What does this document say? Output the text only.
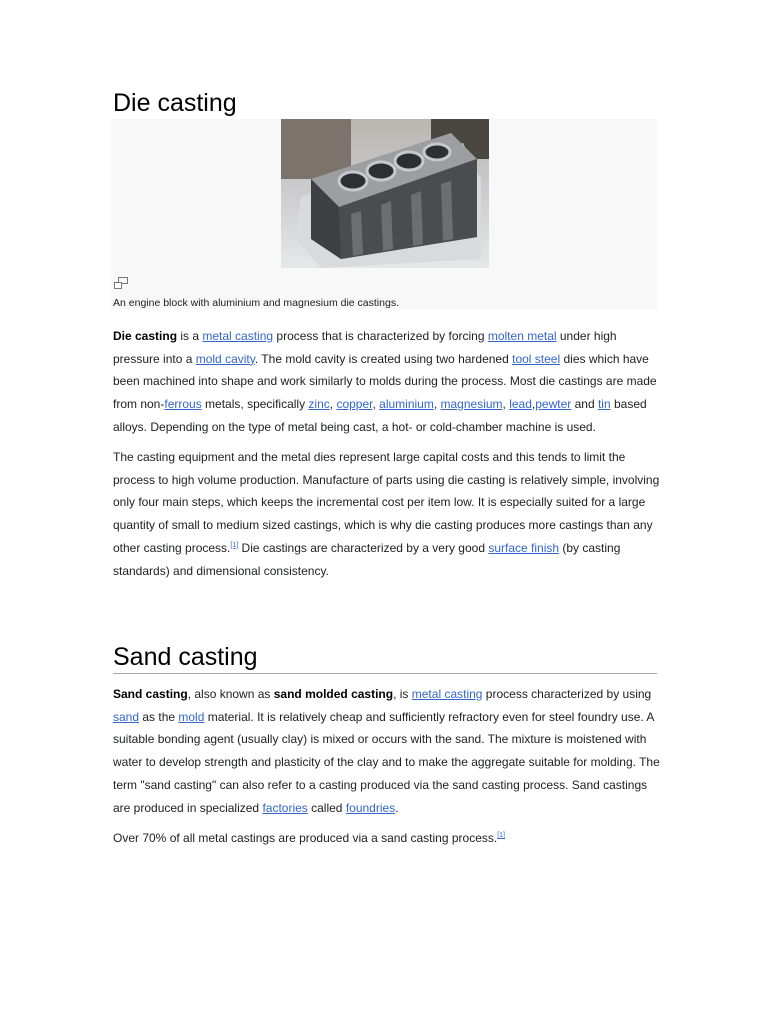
Die casting
An engine block with aluminium and magnesium die castings.

Die casting is a metal casting process that is characterized by forcing molten metal under high pressure into a mold cavity. The mold cavity is created using two hardened tool steel dies which have been machined into shape and work similarly to molds during the process. Most die castings are made from non-ferrous metals, specifically zinc, copper, aluminium, magnesium, lead,pewter and tin based alloys. Depending on the type of metal being cast, a hot- or cold-chamber machine is used.

The casting equipment and the metal dies represent large capital costs and this tends to limit the process to high volume production. Manufacture of parts using die casting is relatively simple, involving only four main steps, which keeps the incremental cost per item low. It is especially suited for a large quantity of small to medium sized castings, which is why die casting produces more castings than any other casting process.[1] Die castings are characterized by a very good surface finish (by casting standards) and dimensional consistency.

Sand casting

Sand casting, also known as sand molded casting, is metal casting process characterized by using sand as the mold material. It is relatively cheap and sufficiently refractory even for steel foundry use. A suitable bonding agent (usually clay) is mixed or occurs with the sand. The mixture is moistened with water to develop strength and plasticity of the clay and to make the aggregate suitable for molding. The term "sand casting" can also refer to a casting produced via the sand casting process. Sand castings are produced in specialized factories called foundries.

Over 70% of all metal castings are produced via a sand casting process.[1]
